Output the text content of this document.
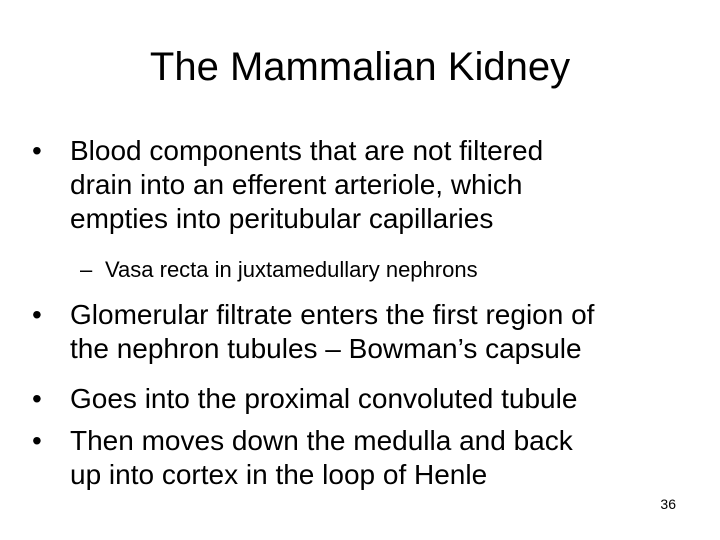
The Mammalian Kidney
•	Blood components that are not filtered
drain into an efferent arteriole, which
empties into peritubular capillaries
– Vasa recta in juxtamedullary nephrons
•	Glomerular filtrate enters the first region of
the nephron tubules – Bowman’s capsule
•	Goes into the proximal convoluted tubule
•	Then moves down the medulla and back
up into cortex in the loop of Henle
36
